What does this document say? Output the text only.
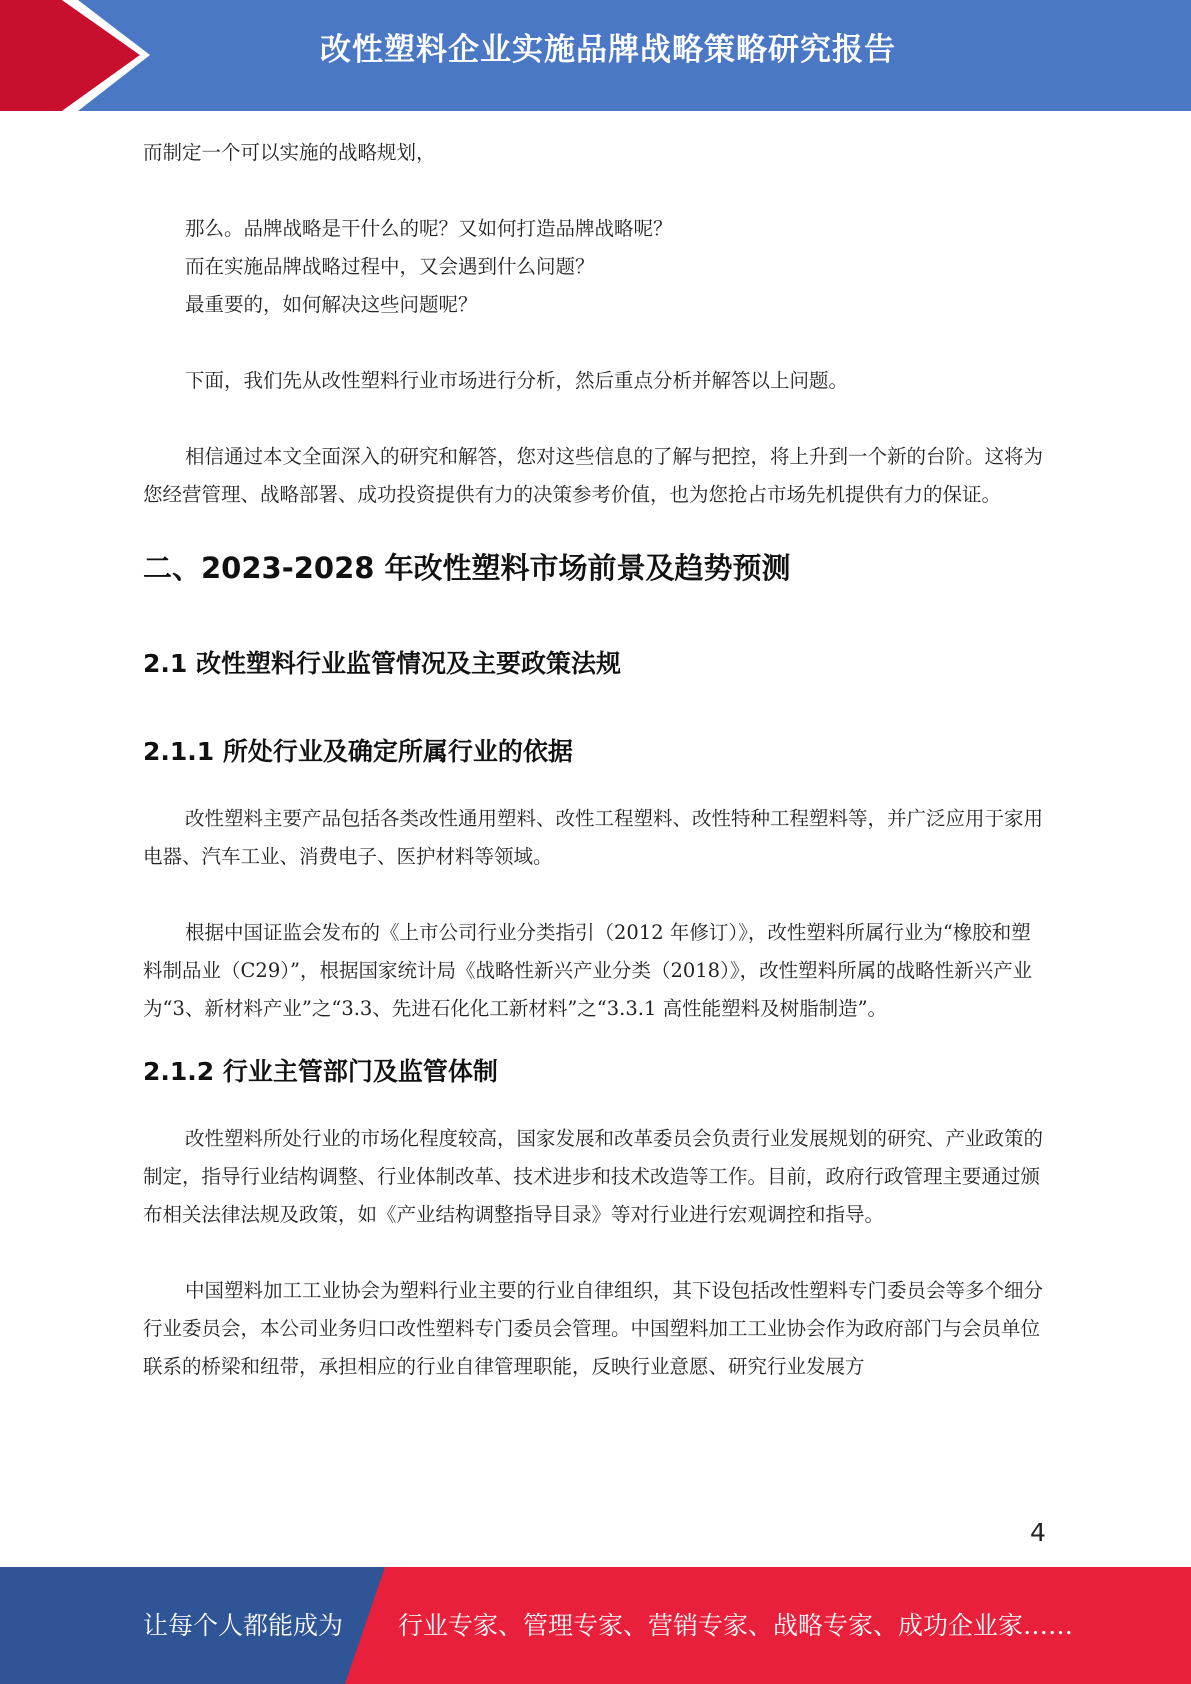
改性塑料企业实施品牌战略策略研究报告

而制定一个可以实施的战略规划，

那么。品牌战略是干什么的呢？又如何打造品牌战略呢？

而在实施品牌战略过程中，又会遇到什么问题？

最重要的，如何解决这些问题呢？

下面，我们先从改性塑料行业市场进行分析，然后重点分析并解答以上问题。

相信通过本文全面深入的研究和解答，您对这些信息的了解与把控，将上升到一个新的台阶。这将为您经营管理、战略部署、成功投资提供有力的决策参考价值，也为您抢占市场先机提供有力的保证。

二、2023-2028 年改性塑料市场前景及趋势预测
2.1 改性塑料行业监管情况及主要政策法规
2.1.1 所处行业及确定所属行业的依据

改性塑料主要产品包括各类改性通用塑料、改性工程塑料、改性特种工程塑料等，并广泛应用于家用电器、汽车工业、消费电子、医护材料等领域。

根据中国证监会发布的《上市公司行业分类指引（2012 年修订）》，改性塑料所属行业为“橡胶和塑料制品业（C29）”，根据国家统计局《战略性新兴产业分类（2018）》，改性塑料所属的战略性新兴产业为“3、新材料产业”之“3.3、先进石化化工新材料”之“3.3.1 高性能塑料及树脂制造”。

2.1.2 行业主管部门及监管体制

改性塑料所处行业的市场化程度较高，国家发展和改革委员会负责行业发展规划的研究、产业政策的制定，指导行业结构调整、行业体制改革、技术进步和技术改造等工作。目前，政府行政管理主要通过颁布相关法律法规及政策，如《产业结构调整指导目录》等对行业进行宏观调控和指导。

中国塑料加工工业协会为塑料行业主要的行业自律组织，其下设包括改性塑料专门委员会等多个细分行业委员会，本公司业务归口改性塑料专门委员会管理。中国塑料加工工业协会作为政府部门与会员单位联系的桥梁和纽带，承担相应的行业自律管理职能，反映行业意愿、研究行业发展方

4
让每个人都能成为 行业专家、管理专家、营销专家、战略专家、成功企业家……
